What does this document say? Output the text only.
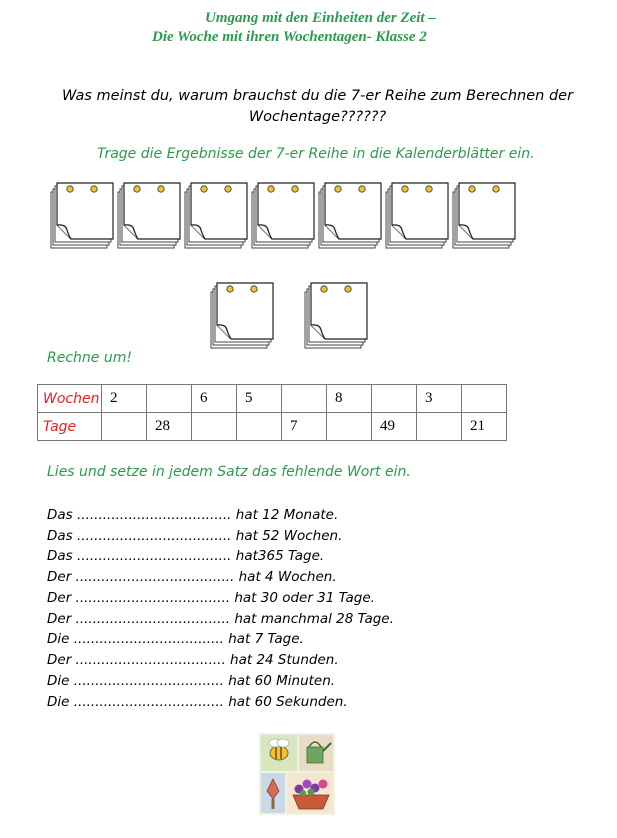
Umgang mit den Einheiten der Zeit –
Die Woche mit ihren Wochentagen- Klasse 2
Was meinst du, warum brauchst du die 7-er Reihe zum Berechnen der
Wochentage??????
Trage die Ergebnisse der 7-er Reihe in die Kalenderblätter ein.
Rechne um!
Wochen	2		6	5		8		3	
Tage		28			7		49		21
Lies und setze in jedem Satz das fehlende Wort ein.
Das .................................... hat 12 Monate.
Das .................................... hat 52 Wochen.
Das .................................... hat365 Tage.
Der ..................................... hat 4 Wochen.
Der .................................... hat 30 oder 31 Tage.
Der .................................... hat manchmal 28 Tage.
Die ................................... hat 7 Tage.
Der ................................... hat 24 Stunden.
Die ................................... hat 60 Minuten.
Die ................................... hat 60 Sekunden.
